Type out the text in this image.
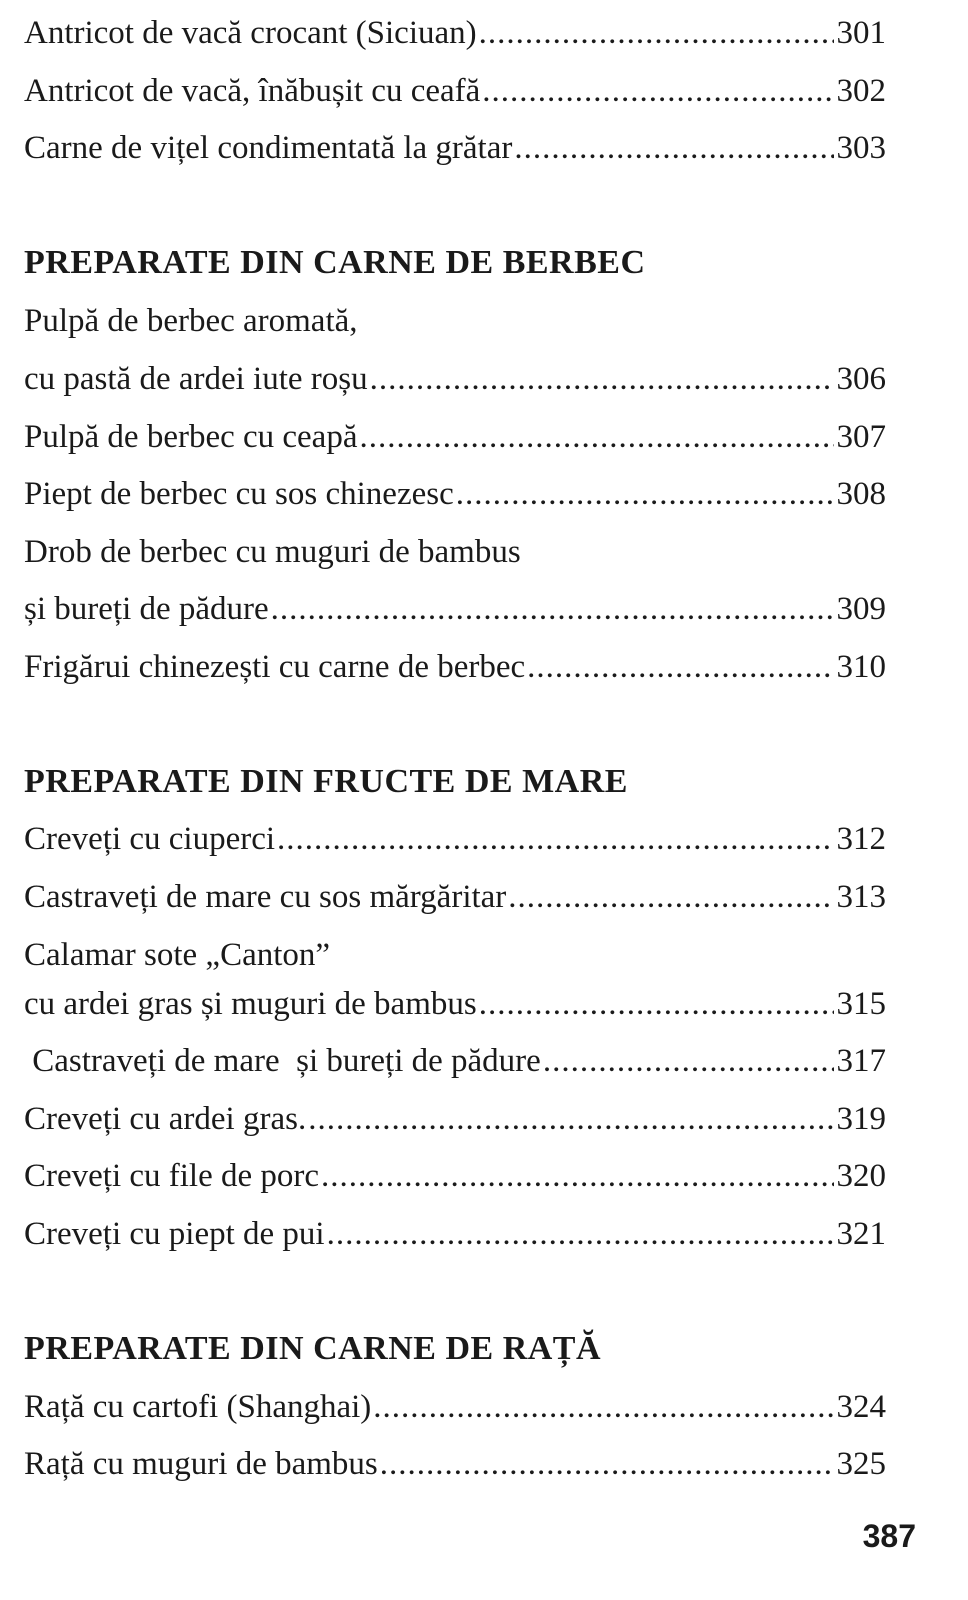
Antricot de vacă crocant (Siciuan) .....	301
Antricot de vacă, înăbușit cu ceafă .....	302
Carne de vițel condimentată la grătar .....	303
PREPARATE DIN CARNE DE BERBEC
Pulpă de berbec aromată,
cu pastă de ardei iute roșu .....	306
Pulpă de berbec cu ceapă .....	307
Piept de berbec cu sos chinezesc .....	308
Drob de berbec cu muguri de bambus
și bureți de pădure .....	309
Frigărui chinezești cu carne de berbec .....	310
PREPARATE DIN FRUCTE DE MARE
Creveți cu ciuperci .....	312
Castraveți de mare cu sos mărgăritar .....	313
Calamar sote „Canton”
cu ardei gras și muguri de bambus .....	315
Castraveți de mare  și bureți de pădure .....	317
Creveți cu ardei gras. .....	319
Creveți cu file de porc .....	320
Creveți cu piept de pui .....	321
PREPARATE DIN CARNE DE RAȚĂ
Rață cu cartofi (Shanghai) .....	324
Rață cu muguri de bambus .....	325
387
